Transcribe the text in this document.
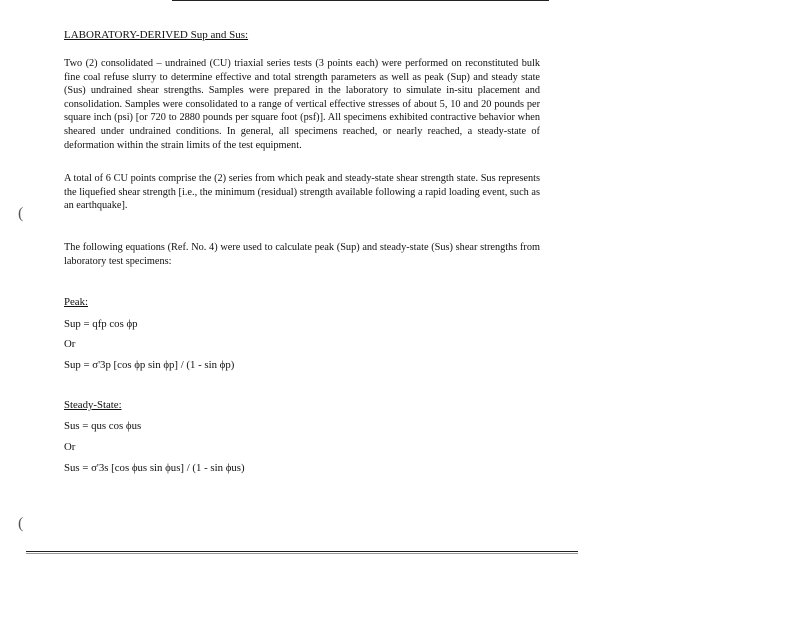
LABORATORY-DERIVED Sup and Sus:
Two (2) consolidated – undrained (CU) triaxial series tests (3 points each) were performed on reconstituted bulk fine coal refuse slurry to determine effective and total strength parameters as well as peak (Sup) and steady state (Sus) undrained shear strengths. Samples were prepared in the laboratory to simulate in-situ placement and consolidation. Samples were consolidated to a range of vertical effective stresses of about 5, 10 and 20 pounds per square inch (psi) [or 720 to 2880 pounds per square foot (psf)]. All specimens exhibited contractive behavior when sheared under undrained conditions. In general, all specimens reached, or nearly reached, a steady-state of deformation within the strain limits of the test equipment.
A total of 6 CU points comprise the (2) series from which peak and steady-state shear strength state. Sus represents the liquefied shear strength [i.e., the minimum (residual) strength available following a rapid loading event, such as an earthquake].
The following equations (Ref. No. 4) were used to calculate peak (Sup) and steady-state (Sus) shear strengths from laboratory test specimens:
Peak:
Sup = qfp cos ϕp
Or
Sup = σ'3p [cos ϕp sin ϕp] / (1 - sin ϕp)
Steady-State:
Sus = qus cos ϕus
Or
Sus = σ'3s [cos ϕus sin ϕus] / (1 - sin ϕus)
(
(
